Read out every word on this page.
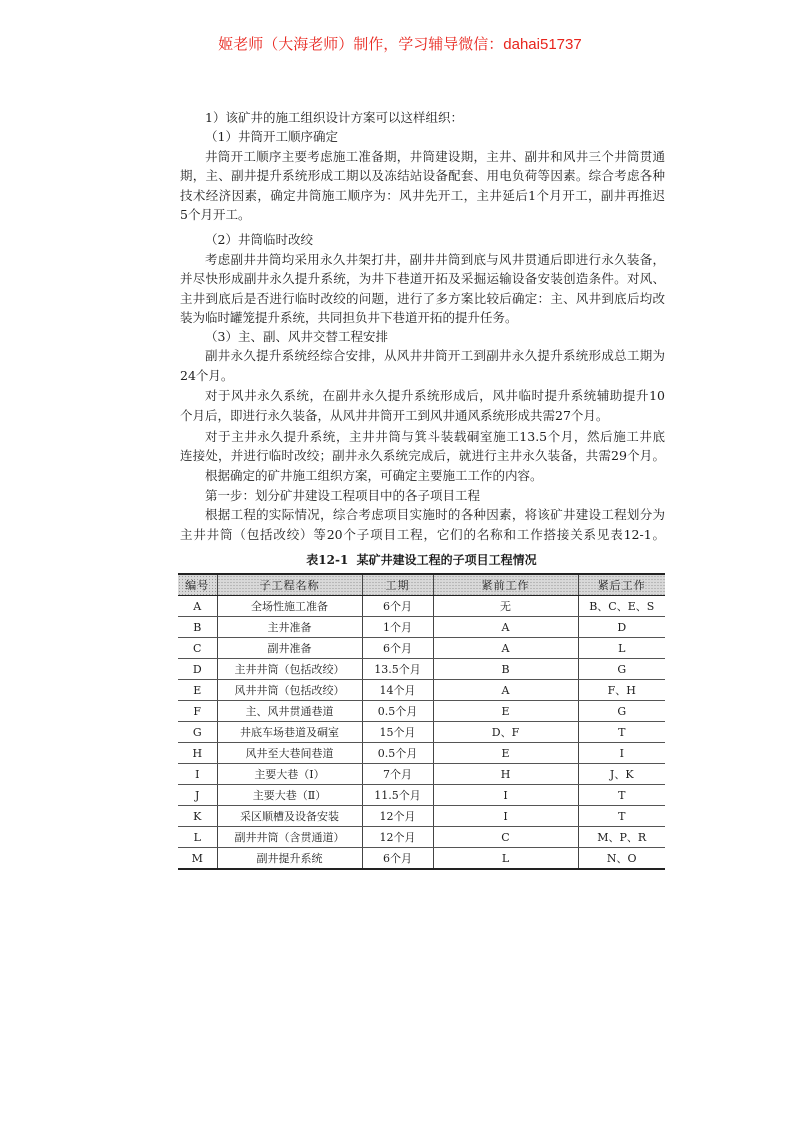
姬老师（大海老师）制作，学习辅导微信：dahai51737
1）该矿井的施工组织设计方案可以这样组织：
（1）井筒开工顺序确定
井筒开工顺序主要考虑施工准备期，井筒建设期，主井、副井和风井三个井筒贯通
期，主、副井提升系统形成工期以及冻结站设备配套、用电负荷等因素。综合考虑各种
技术经济因素，确定井筒施工顺序为：风井先开工，主井延后1个月开工，副井再推迟
5个月开工。
（2）井筒临时改绞
考虑副井井筒均采用永久井架打井，副井井筒到底与风井贯通后即进行永久装备，
并尽快形成副井永久提升系统，为井下巷道开拓及采掘运输设备安装创造条件。对风、
主井到底后是否进行临时改绞的问题，进行了多方案比较后确定：主、风井到底后均改
装为临时罐笼提升系统，共同担负井下巷道开拓的提升任务。
（3）主、副、风井交替工程安排
副井永久提升系统经综合安排，从风井井筒开工到副井永久提升系统形成总工期为
24个月。
对于风井永久系统，在副井永久提升系统形成后，风井临时提升系统辅助提升10
个月后，即进行永久装备，从风井井筒开工到风井通风系统形成共需27个月。
对于主井永久提升系统，主井井筒与箕斗装载硐室施工13.5个月，然后施工井底
连接处，并进行临时改绞；副井永久系统完成后，就进行主井永久装备，共需29个月。
根据确定的矿井施工组织方案，可确定主要施工工作的内容。
第一步：划分矿井建设工程项目中的各子项目工程
根据工程的实际情况，综合考虑项目实施时的各种因素，将该矿井建设工程划分为
主井井筒（包括改绞）等20个子项目工程，它们的名称和工作搭接关系见表12-1。
表12-1  某矿井建设工程的子项目工程情况
编号	子工程名称	工期	紧前工作	紧后工作
A	全场性施工准备	6个月	无	B、C、E、S
B	主井准备	1个月	A	D
C	副井准备	6个月	A	L
D	主井井筒（包括改绞）	13.5个月	B	G
E	风井井筒（包括改绞）	14个月	A	F、H
F	主、风井贯通巷道	0.5个月	E	G
G	井底车场巷道及硐室	15个月	D、F	T
H	风井至大巷间巷道	0.5个月	E	I
I	主要大巷（Ⅰ）	7个月	H	J、K
J	主要大巷（Ⅱ）	11.5个月	I	T
K	采区顺槽及设备安装	12个月	I	T
L	副井井筒（含贯通道）	12个月	C	M、P、R
M	副井提升系统	6个月	L	N、O
